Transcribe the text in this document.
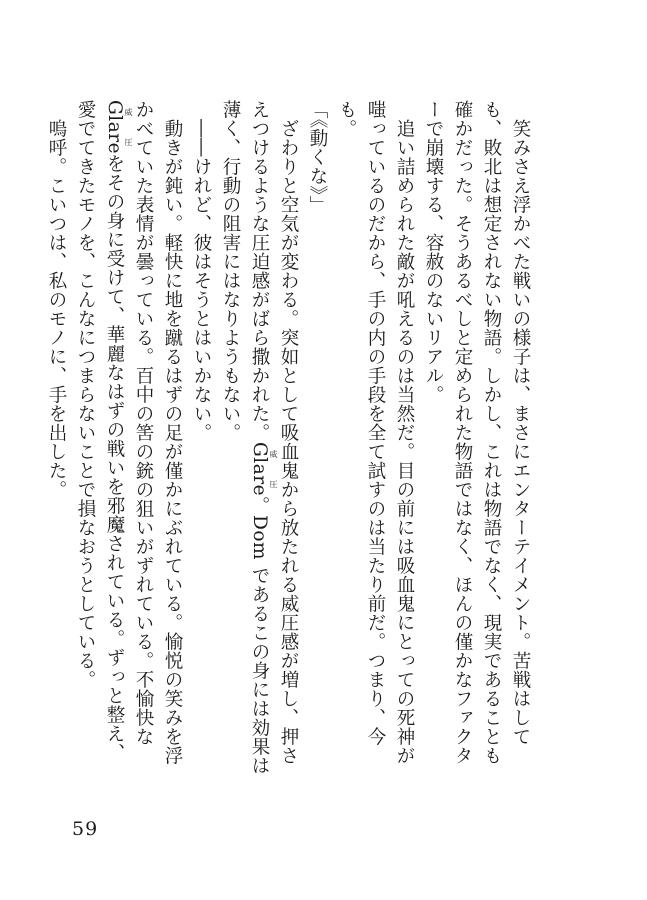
笑みさえ浮かべた戦いの様子は、まさにエンターテイメント。苦戦はしても、敗北は想定されない物語。しかし、これは物語でなく、現実であることも確かだった。そうあるべしと定められた物語ではなく、ほんの僅かなファクターで崩壊する、容赦のないリアル。

追い詰められた敵が吼えるのは当然だ。目の前には吸血鬼にとっての死神が嗤っているのだから、手の内の手段を全て試すのは当たり前だ。つまり、今も。

「《動くな》」

ざわりと空気が変わる。突如として吸血鬼から放たれる威圧感が増し、押さえつけるような圧迫感がばら撒かれた。Glare 威圧。Dom であるこの身には効果は薄く、行動の阻害にはなりようもない。

――けれど、彼はそうとはいかない。

動きが鈍い。軽快に地を蹴るはずの足が僅かにぶれている。愉悦の笑みを浮かべていた表情が曇っている。百中の筈の銃の狙いがずれている。不愉快なGlare 威圧をその身に受けて、華麗なはずの戦いを邪魔されている。ずっと整え、愛でてきたモノを、こんなにつまらないことで損なおうとしている。

嗚呼。こいつは、私のモノに、手を出した。

59
